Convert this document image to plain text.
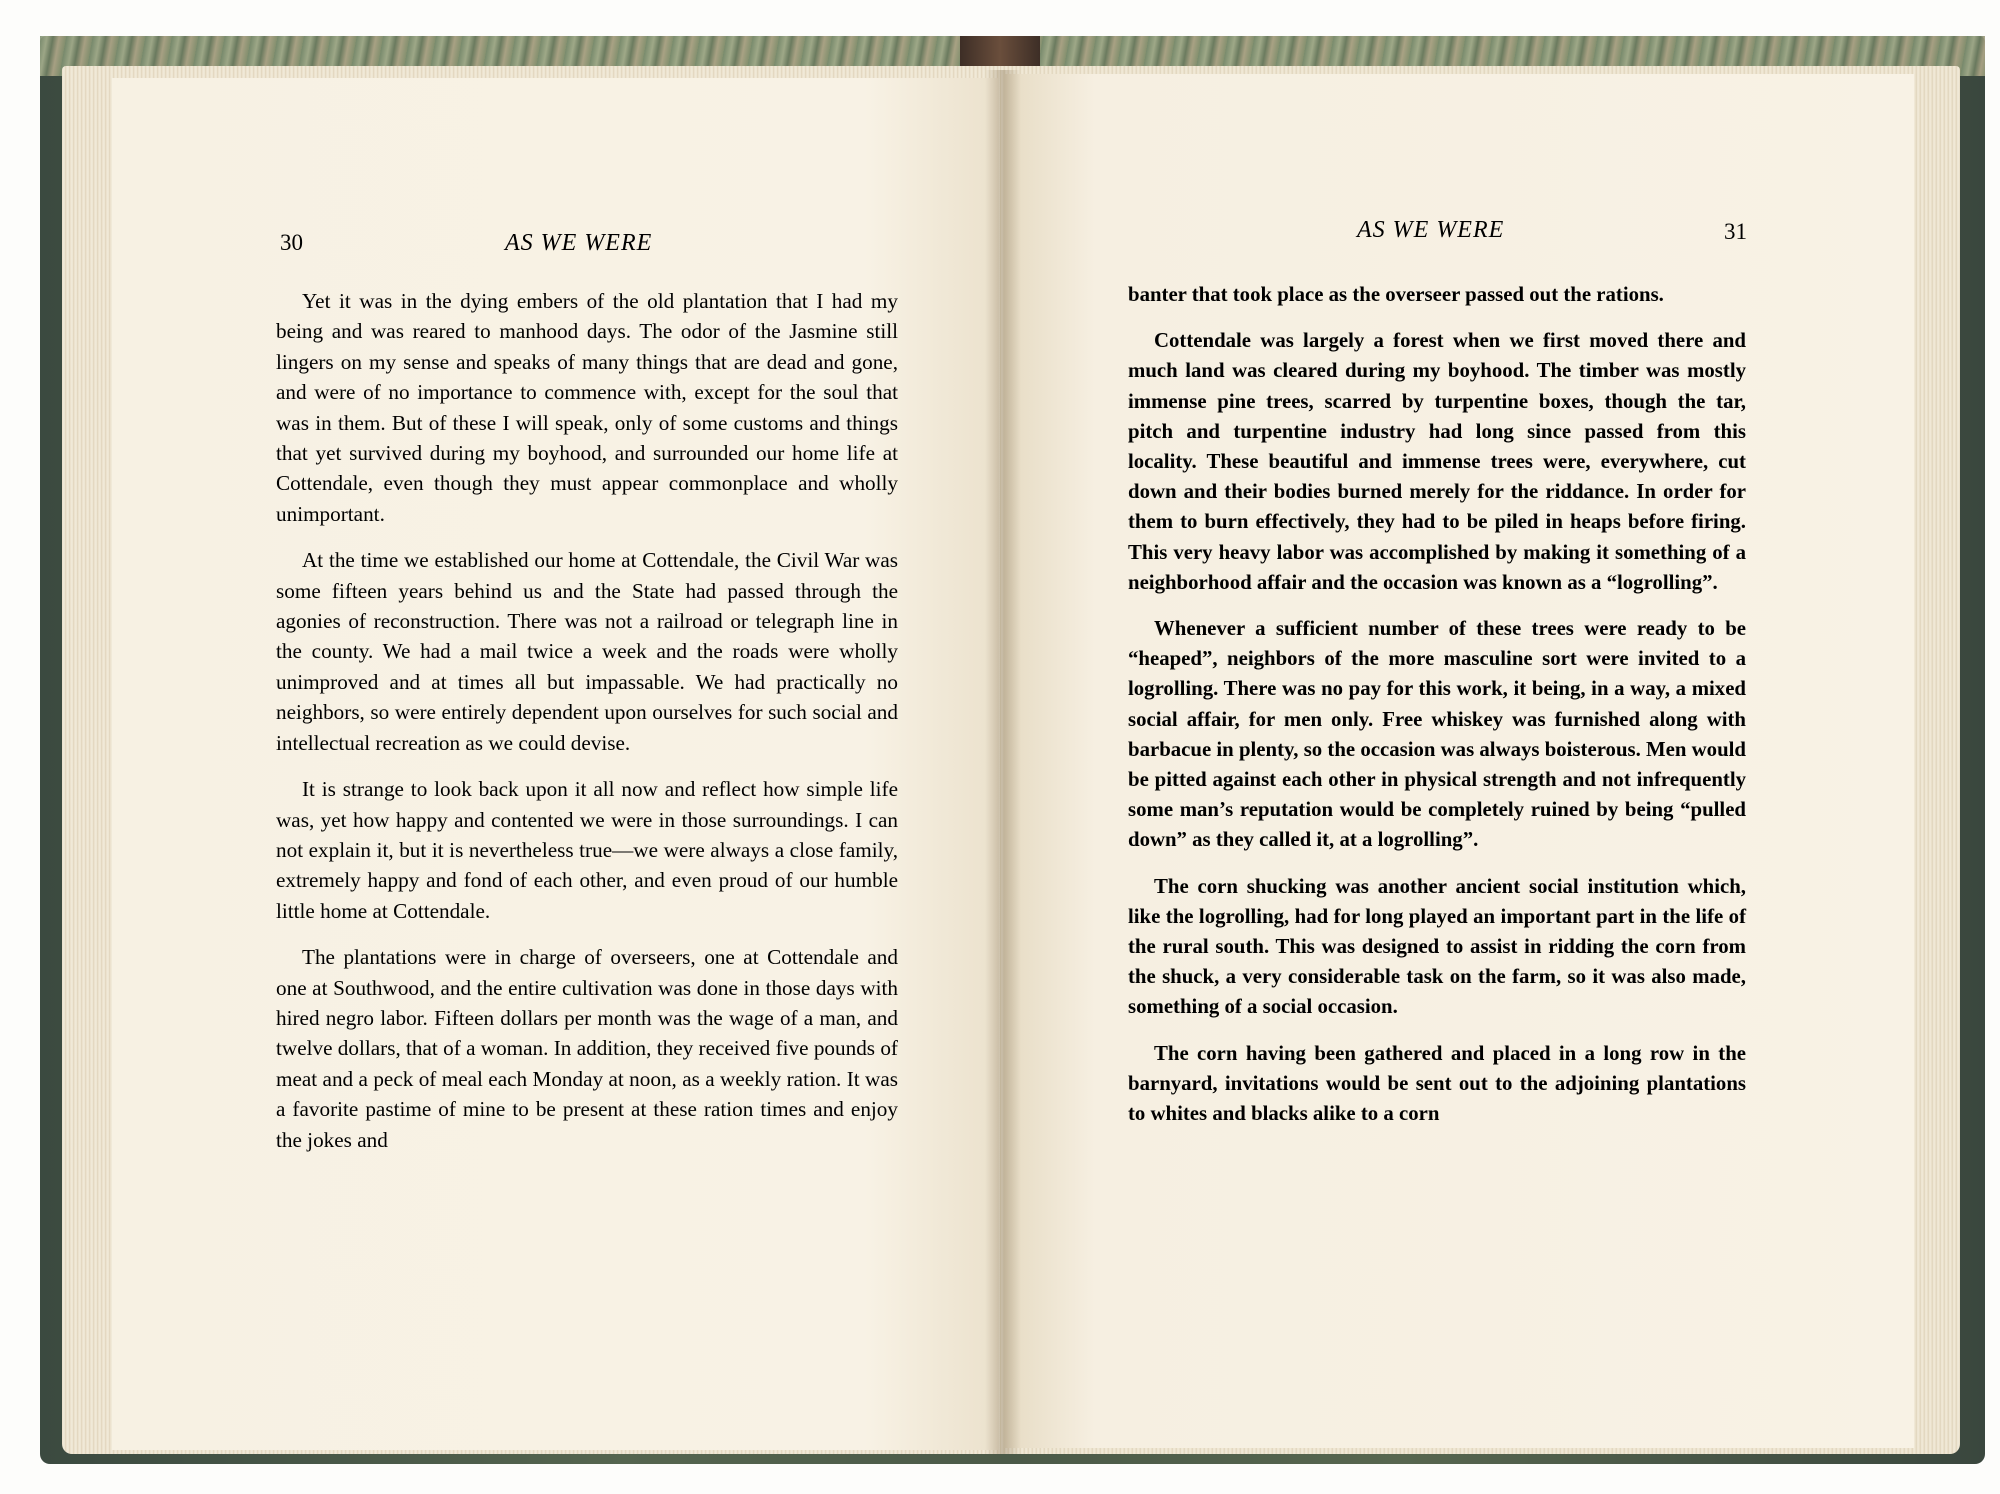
30	AS WE WERE

Yet it was in the dying embers of the old plantation that I had my being and was reared to manhood days. The odor of the Jasmine still lingers on my sense and speaks of many things that are dead and gone, and were of no importance to commence with, except for the soul that was in them. But of these I will speak, only of some customs and things that yet survived during my boyhood, and surrounded our home life at Cottendale, even though they must appear commonplace and wholly unimportant.

At the time we established our home at Cottendale, the Civil War was some fifteen years behind us and the State had passed through the agonies of reconstruction. There was not a railroad or telegraph line in the county. We had a mail twice a week and the roads were wholly unimproved and at times all but impassable. We had practically no neighbors, so were entirely dependent upon ourselves for such social and intellectual recreation as we could devise.

It is strange to look back upon it all now and reflect how simple life was, yet how happy and contented we were in those surroundings. I can not explain it, but it is nevertheless true—we were always a close family, extremely happy and fond of each other, and even proud of our humble little home at Cottendale.

The plantations were in charge of overseers, one at Cottendale and one at Southwood, and the entire cultivation was done in those days with hired negro labor. Fifteen dollars per month was the wage of a man, and twelve dollars, that of a woman. In addition, they received five pounds of meat and a peck of meal each Monday at noon, as a weekly ration. It was a favorite pastime of mine to be present at these ration times and enjoy the jokes and

AS WE WERE	31

banter that took place as the overseer passed out the rations.

Cottendale was largely a forest when we first moved there and much land was cleared during my boyhood. The timber was mostly immense pine trees, scarred by turpentine boxes, though the tar, pitch and turpentine industry had long since passed from this locality. These beautiful and immense trees were, everywhere, cut down and their bodies burned merely for the riddance. In order for them to burn effectively, they had to be piled in heaps before firing. This very heavy labor was accomplished by making it something of a neighborhood affair and the occasion was known as a “logrolling”.

Whenever a sufficient number of these trees were ready to be “heaped”, neighbors of the more masculine sort were invited to a logrolling. There was no pay for this work, it being, in a way, a mixed social affair, for men only. Free whiskey was furnished along with barbacue in plenty, so the occasion was always boisterous. Men would be pitted against each other in physical strength and not infrequently some man’s reputation would be completely ruined by being “pulled down” as they called it, at a logrolling”.

The corn shucking was another ancient social institution which, like the logrolling, had for long played an important part in the life of the rural south. This was designed to assist in ridding the corn from the shuck, a very considerable task on the farm, so it was also made, something of a social occasion.

The corn having been gathered and placed in a long row in the barnyard, invitations would be sent out to the adjoining plantations to whites and blacks alike to a corn
